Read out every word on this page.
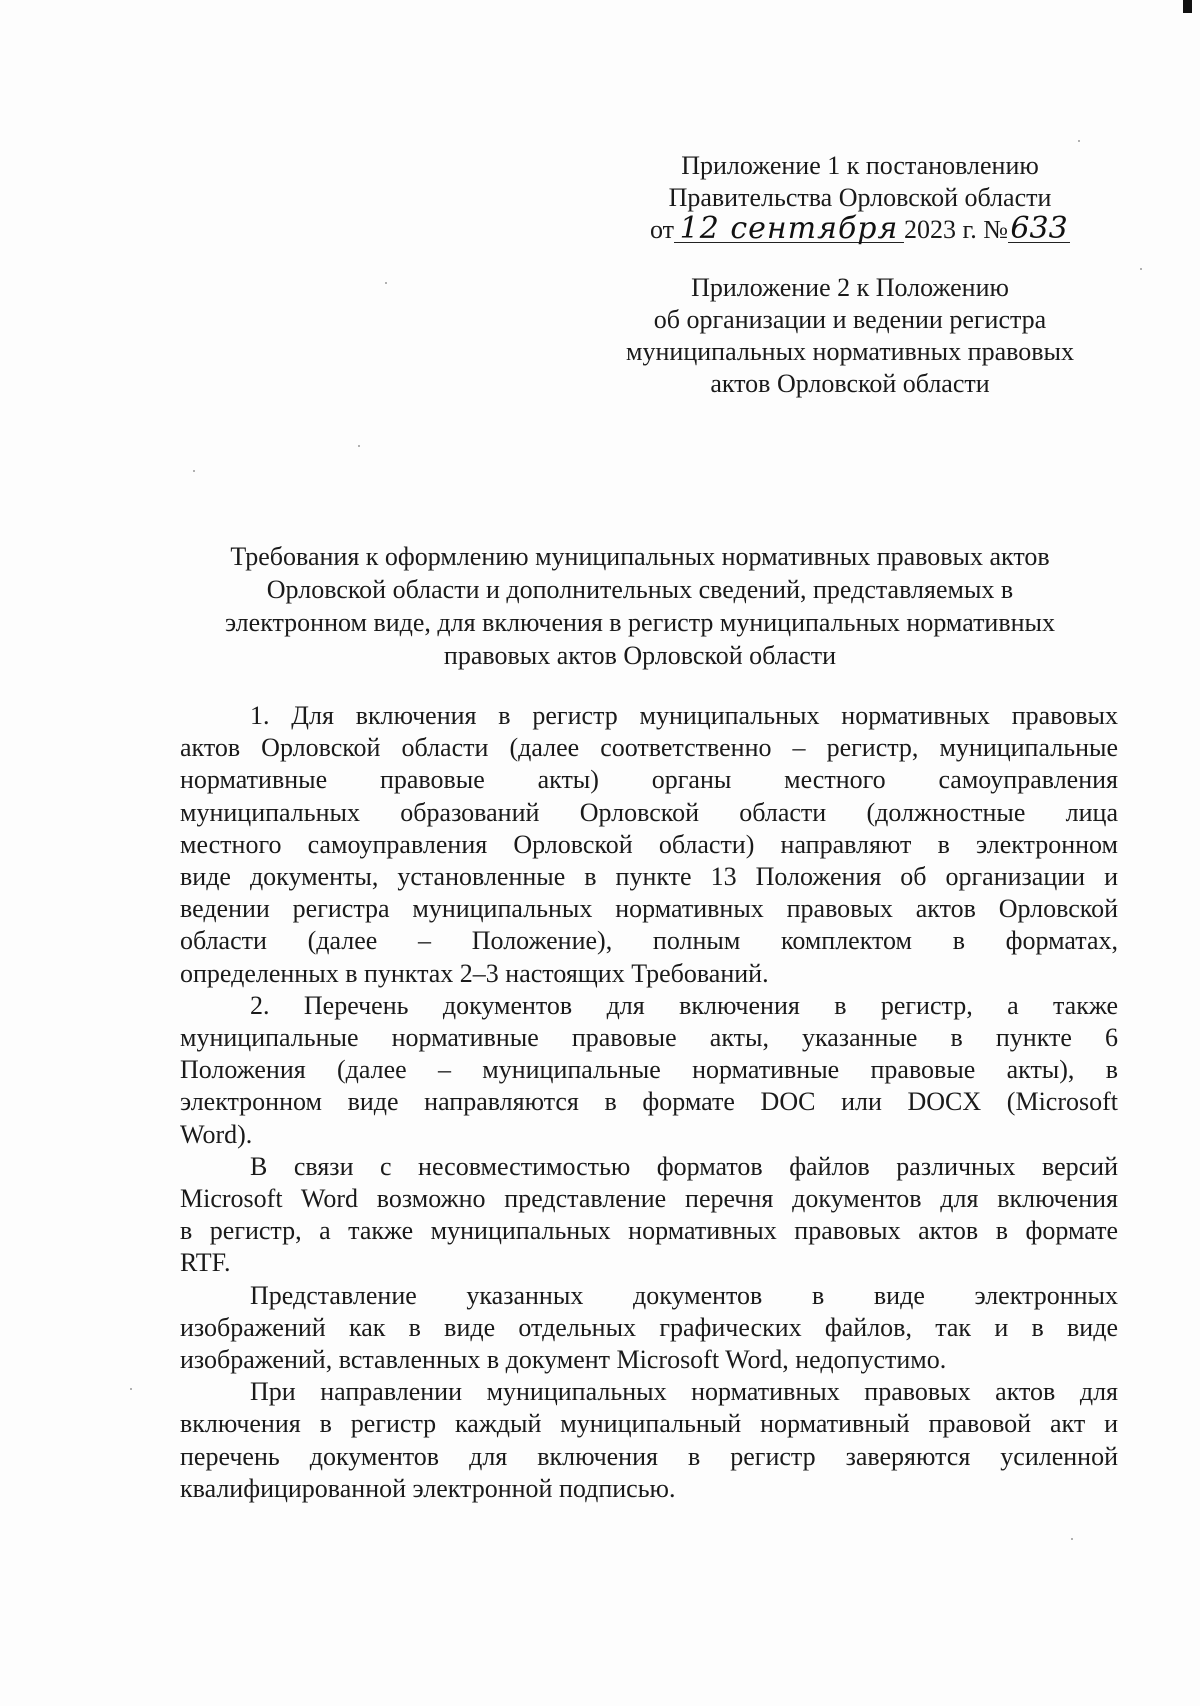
Приложение 1 к постановлению
Правительства Орловской области
от 12 сентября 2023 г. №633
Приложение 2 к Положению
об организации и ведении регистра
муниципальных нормативных правовых
актов Орловской области
Требования к оформлению муниципальных нормативных правовых актов
Орловской области и дополнительных сведений, представляемых в
электронном виде, для включения в регистр муниципальных нормативных
правовых актов Орловской области
1. Для включения в регистр муниципальных нормативных правовых
актов Орловской области (далее соответственно – регистр, муниципальные
нормативные правовые акты) органы местного самоуправления
муниципальных образований Орловской области (должностные лица
местного самоуправления Орловской области) направляют в электронном
виде документы, установленные в пункте 13 Положения об организации и
ведении регистра муниципальных нормативных правовых актов Орловской
области (далее – Положение), полным комплектом в форматах,
определенных в пунктах 2–3 настоящих Требований.
2. Перечень документов для включения в регистр, а также
муниципальные нормативные правовые акты, указанные в пункте 6
Положения (далее – муниципальные нормативные правовые акты), в
электронном виде направляются в формате DOC или DOCX (Microsoft
Word).
В связи с несовместимостью форматов файлов различных версий
Microsoft Word возможно представление перечня документов для включения
в регистр, а также муниципальных нормативных правовых актов в формате
RTF.
Представление указанных документов в виде электронных
изображений как в виде отдельных графических файлов, так и в виде
изображений, вставленных в документ Microsoft Word, недопустимо.
При направлении муниципальных нормативных правовых актов для
включения в регистр каждый муниципальный нормативный правовой акт и
перечень документов для включения в регистр заверяются усиленной
квалифицированной электронной подписью.
